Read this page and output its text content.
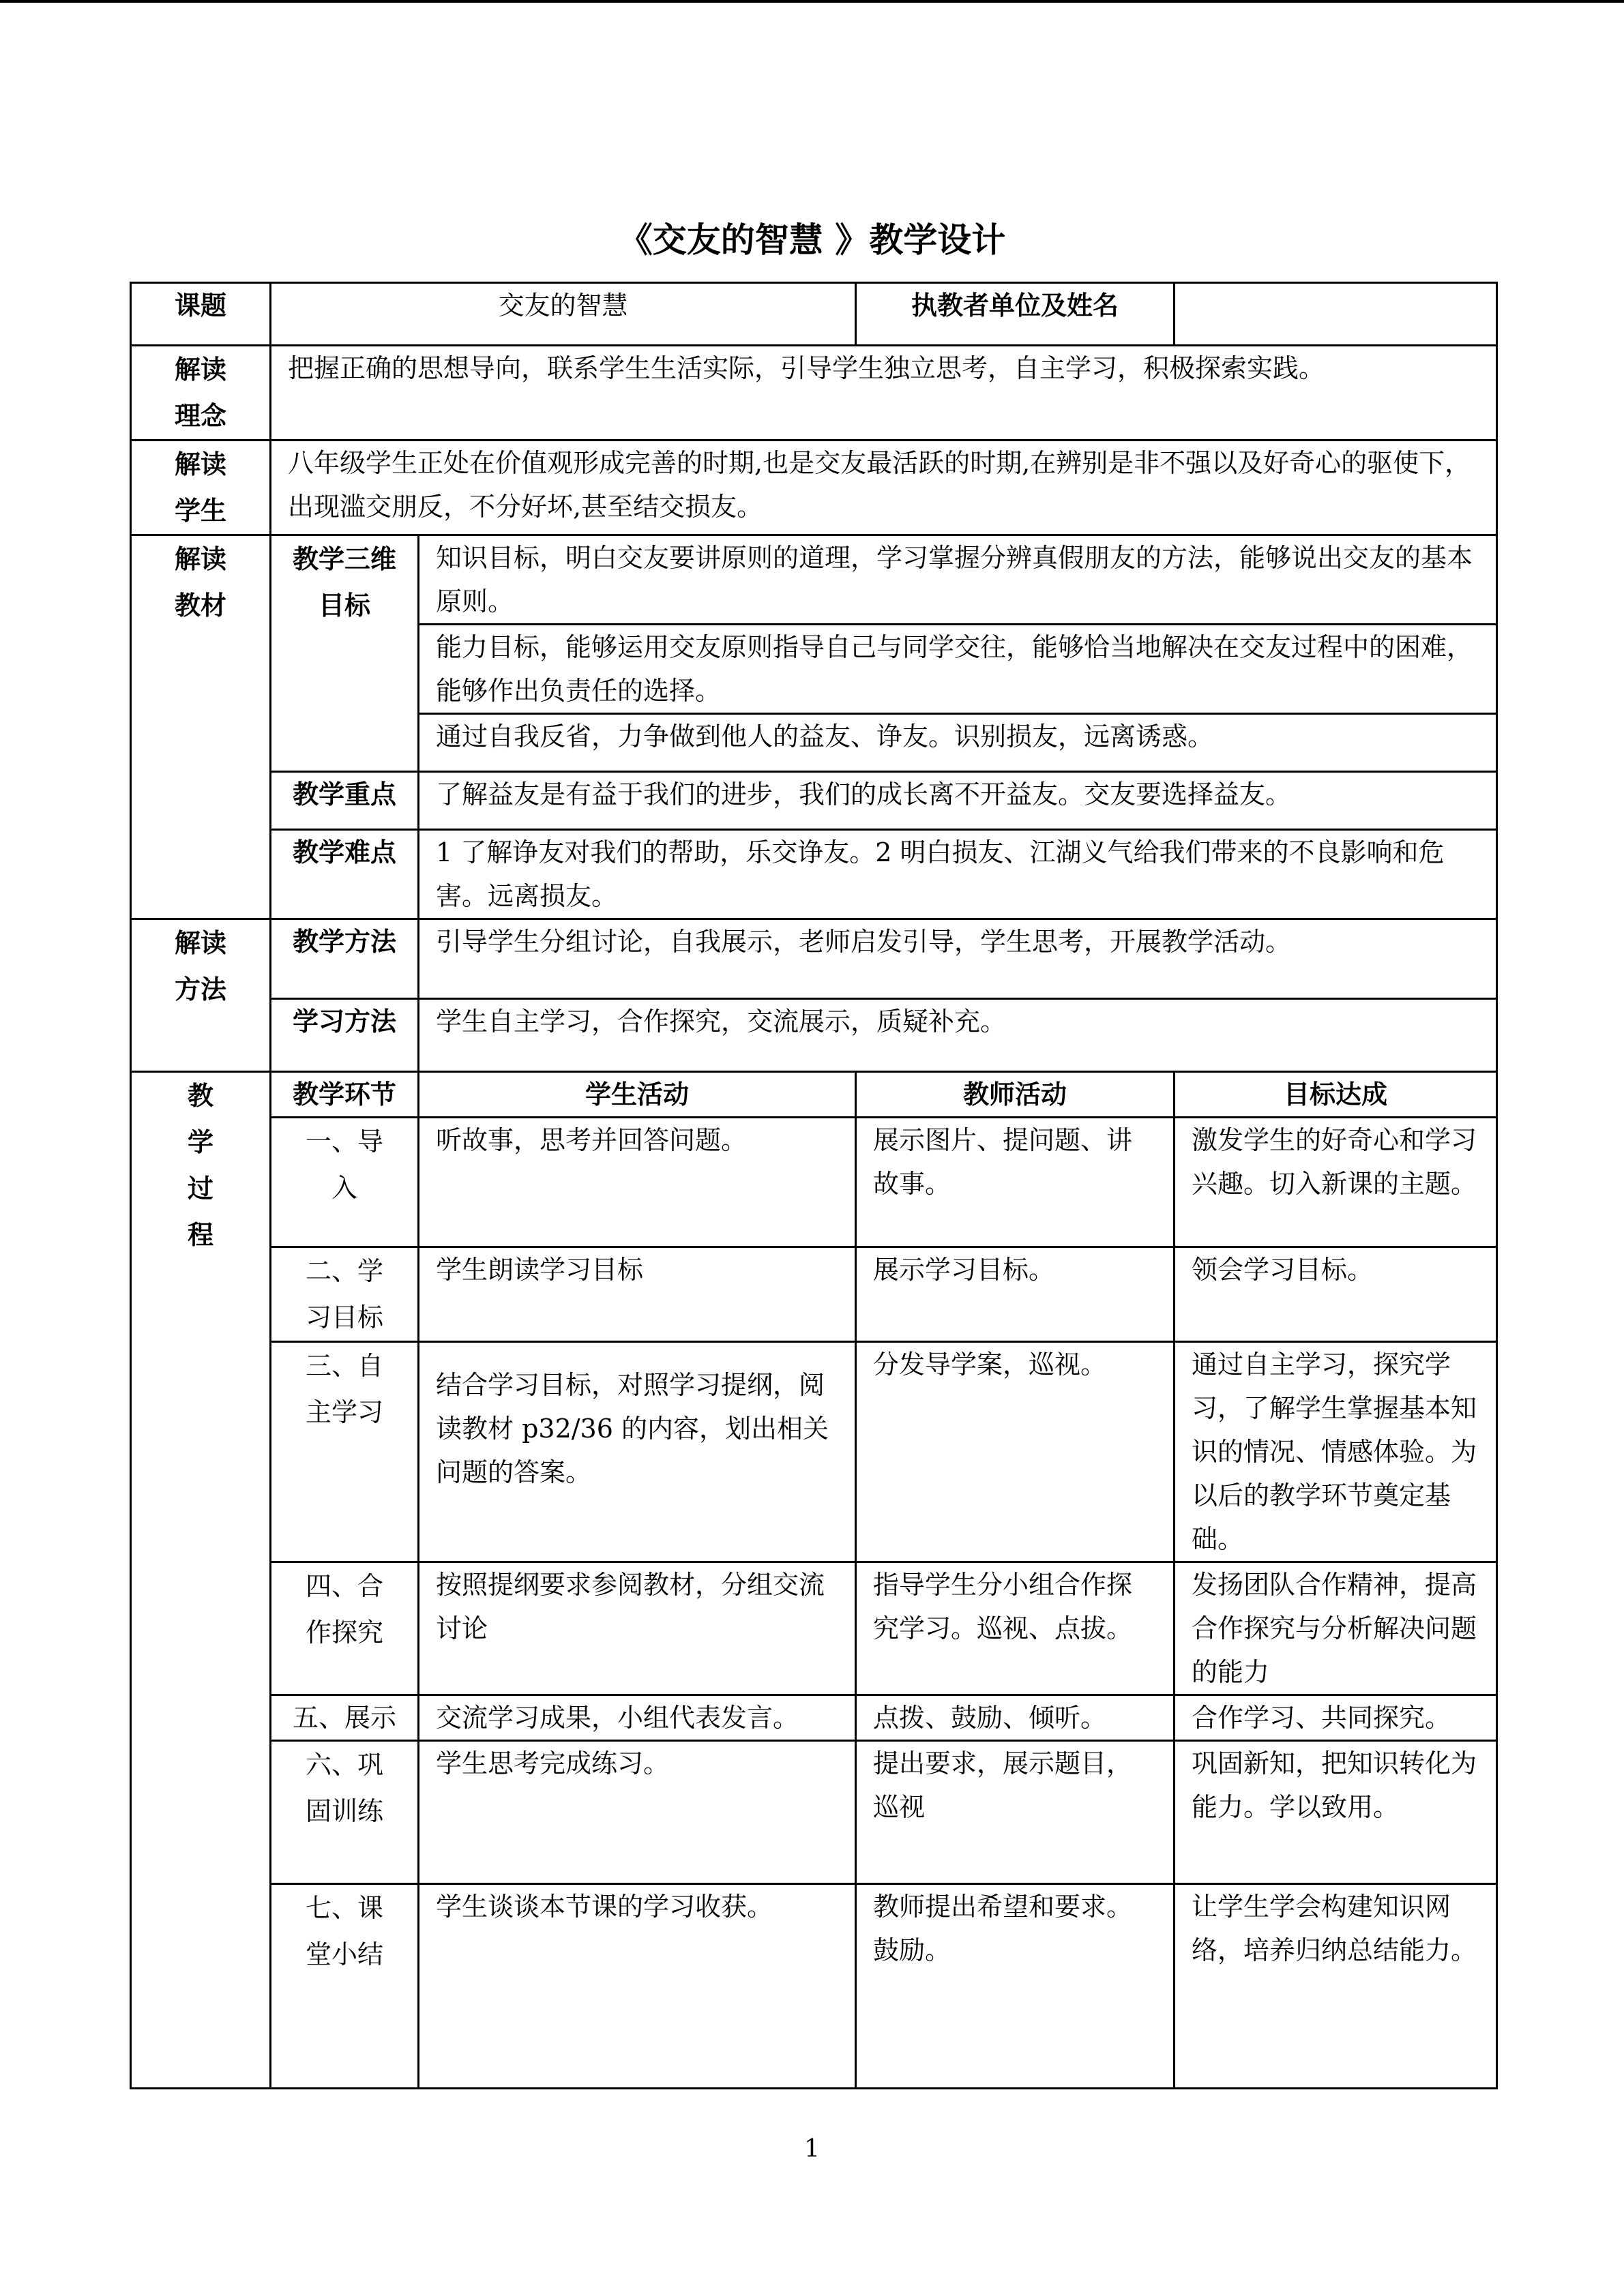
《交友的智慧 》教学设计
课题	交友的智慧		执教者单位及姓名	
解读理念	把握正确的思想导向，联系学生生活实际，引导学生独立思考，自主学习，积极探索实践。			
解读学生	八年级学生正处在价值观形成完善的时期,也是交友最活跃的时期,在辨别是非不强以及好奇心的驱使下，出现滥交朋反，不分好坏,甚至结交损友。			
解读教材	教学三维目标	知识目标，明白交友要讲原则的道理，学习掌握分辨真假朋友的方法，能够说出交友的基本原则。		
		能力目标，能够运用交友原则指导自己与同学交往，能够恰当地解决在交友过程中的困难，能够作出负责任的选择。		
		通过自我反省，力争做到他人的益友、诤友。识别损友，远离诱惑。		
	教学重点	了解益友是有益于我们的进步，我们的成长离不开益友。交友要选择益友。		
	教学难点	1 了解诤友对我们的帮助，乐交诤友。2 明白损友、江湖义气给我们带来的不良影响和危害。远离损友。		
解读方法	教学方法	引导学生分组讨论，自我展示，老师启发引导，学生思考，开展教学活动。		
	学习方法	学生自主学习，合作探究，交流展示，质疑补充。		
教学过程	教学环节	学生活动	教师活动	目标达成
	一、导入	听故事，思考并回答问题。	展示图片、提问题、讲故事。	激发学生的好奇心和学习兴趣。切入新课的主题。
	二、学习目标	学生朗读学习目标	展示学习目标。	领会学习目标。
	三、自主学习	结合学习目标，对照学习提纲，阅读教材 p32/36 的内容，划出相关问题的答案。	分发导学案，巡视。	通过自主学习，探究学习，了解学生掌握基本知识的情况、情感体验。为以后的教学环节奠定基础。
	四、合作探究	按照提纲要求参阅教材，分组交流讨论	指导学生分小组合作探究学习。巡视、点拔。	发扬团队合作精神，提高合作探究与分析解决问题的能力
	五、展示	交流学习成果，小组代表发言。	点拨、鼓励、倾听。	合作学习、共同探究。
	六、巩固训练	学生思考完成练习。	提出要求，展示题目，巡视	巩固新知，把知识转化为能力。学以致用。
	七、课堂小结	学生谈谈本节课的学习收获。	教师提出希望和要求。鼓励。	让学生学会构建知识网络，培养归纳总结能力。
1
